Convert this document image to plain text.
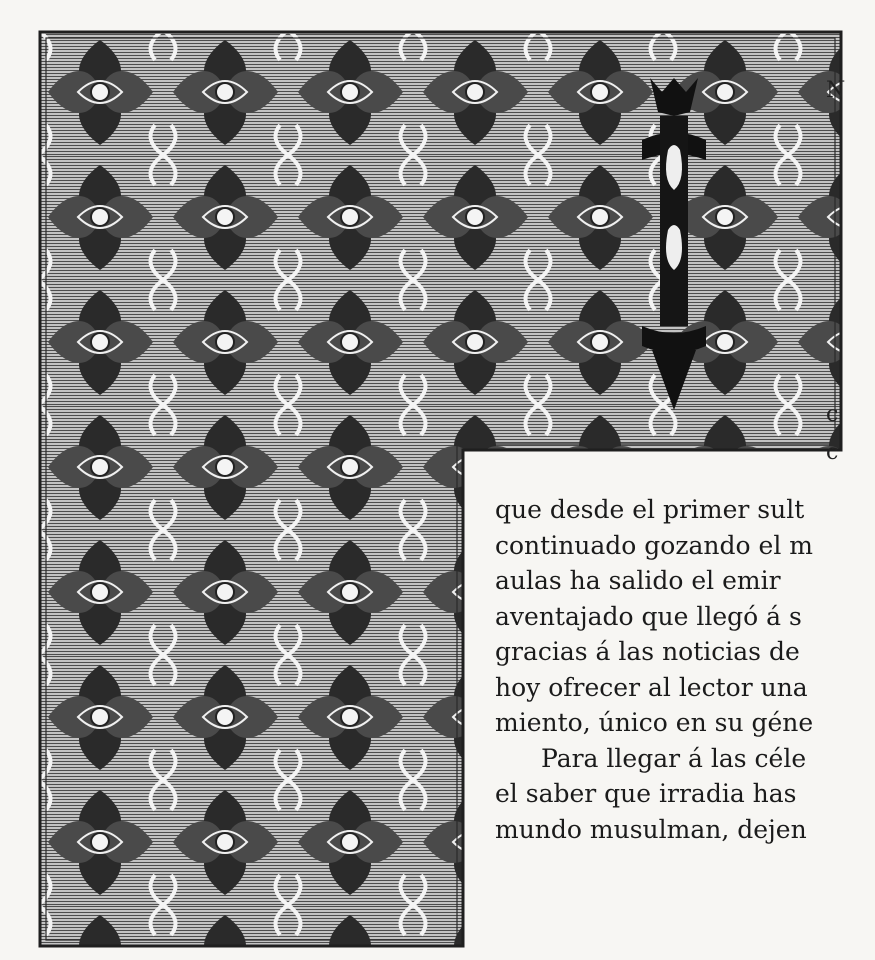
N
c
c
que desde el primer sult
continuado gozando el m
aulas ha salido el emir
aventajado que llegó á s
gracias á las noticias de
hoy ofrecer al lector una
miento, único en su géne
Para llegar á las céle
el saber que irradia has
mundo musulman, dejen
